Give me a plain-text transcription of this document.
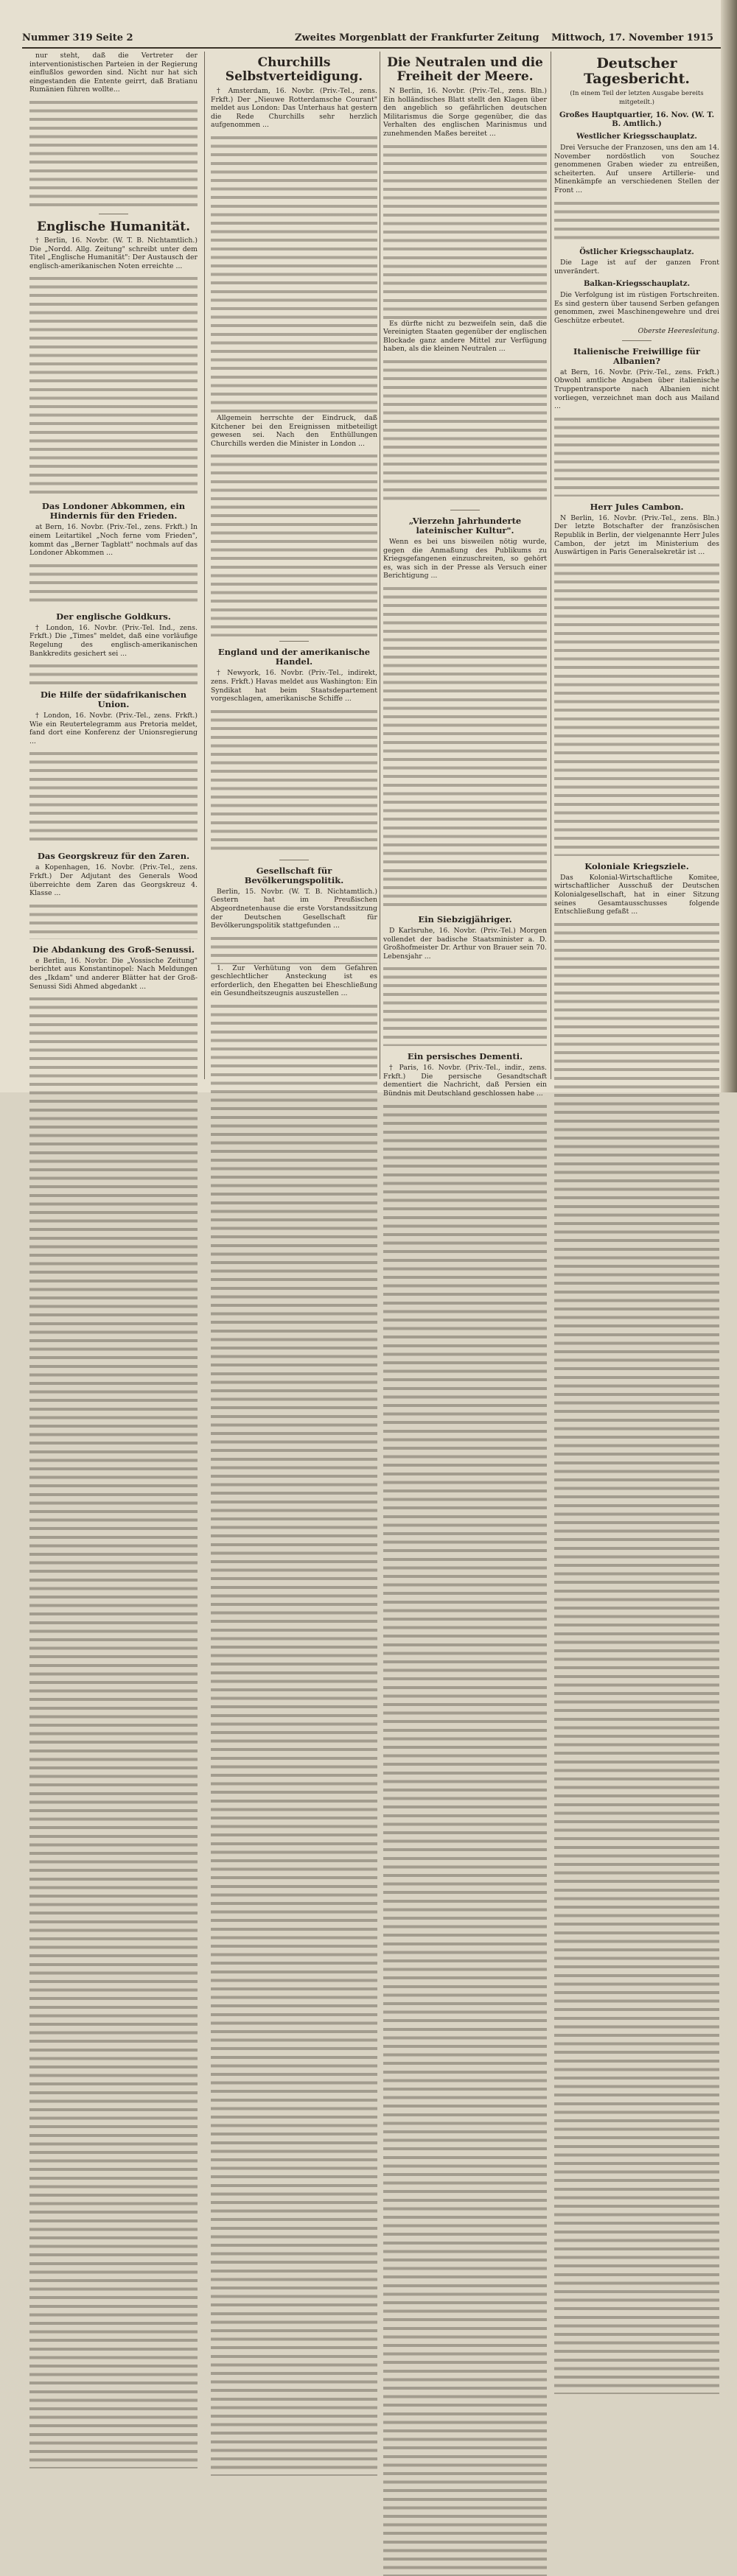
Nummer 319 Seite 2	Zweites Morgenblatt der Frankfurter Zeitung Mittwoch, 17. November 1915

nur steht, daß die Vertreter der interventionistischen Parteien in der Regierung einflußlos geworden sind. Nicht nur hat sich eingestanden die Entente geirrt, daß Bratianu Rumänien führen wollte...

Englische Humanität.

† Berlin, 16. Novbr. (W. T. B. Nichtamtlich.) Die „Nordd. Allg. Zeitung" schreibt unter dem Titel „Englische Humanität": Der Austausch der englisch-amerikanischen Noten erreichte ...

Das Londoner Abkommen, ein Hindernis für den Frieden.

at Bern, 16. Novbr. (Priv.-Tel., zens. Frkft.) In einem Leitartikel „Noch ferne vom Frieden", kommt das „Berner Tagblatt" nochmals auf das Londoner Abkommen ...

Der englische Goldkurs.

† London, 16. Novbr. (Priv.-Tel. Ind., zens. Frkft.) Die „Times" meldet, daß eine vorläufige Regelung des englisch-amerikanischen Bankkredits gesichert sei ...

Die Hilfe der südafrikanischen Union.

† London, 16. Novbr. (Priv.-Tel., zens. Frkft.) Wie ein Reutertelegramm aus Pretoria meldet, fand dort eine Konferenz der Unionsregierung ...

Das Georgskreuz für den Zaren.

a Kopenhagen, 16. Novbr. (Priv.-Tel., zens. Frkft.) Der Adjutant des Generals Wood überreichte dem Zaren das Georgskreuz 4. Klasse ...

Die Abdankung des Groß-Senussi.

e Berlin, 16. Novbr. Die „Vossische Zeitung" berichtet aus Konstantinopel: Nach Meldungen des „Ikdam" und anderer Blätter hat der Groß-Senussi Sidi Ahmed abgedankt ...

Churchills Selbstverteidigung.

† Amsterdam, 16. Novbr. (Priv.-Tel., zens. Frkft.) Der „Nieuwe Rotterdamsche Courant" meldet aus London: Das Unterhaus hat gestern die Rede Churchills sehr herzlich aufgenommen ...

Allgemein herrschte der Eindruck, daß Kitchener bei den Ereignissen mitbeteiligt gewesen sei. Nach den Enthüllungen Churchills werden die Minister in London ...

England und der amerikanische Handel.

† Newyork, 16. Novbr. (Priv.-Tel., indirekt, zens. Frkft.) Havas meldet aus Washington: Ein Syndikat hat beim Staatsdepartement vorgeschlagen, amerikanische Schiffe ...

Gesellschaft für Bevölkerungspolitik.

Berlin, 15. Novbr. (W. T. B. Nichtamtlich.) Gestern hat im Preußischen Abgeordnetenhause die erste Vorstandssitzung der Deutschen Gesellschaft für Bevölkerungspolitik stattgefunden ...

1. Zur Verhütung von dem Gefahren geschlechtlicher Ansteckung ist es erforderlich, den Ehegatten bei Eheschließung ein Gesundheitszeugnis auszustellen ...

Die Neutralen und die Freiheit der Meere.

N Berlin, 16. Novbr. (Priv.-Tel., zens. Bln.) Ein holländisches Blatt stellt den Klagen über den angeblich so gefährlichen deutschen Militarismus die Sorge gegenüber, die das Verhalten des englischen Marinismus und zunehmenden Maßes bereitet ...

Es dürfte nicht zu bezweifeln sein, daß die Vereinigten Staaten gegenüber der englischen Blockade ganz andere Mittel zur Verfügung haben, als die kleinen Neutralen ...

„Vierzehn Jahrhunderte lateinischer Kultur".

Wenn es bei uns bisweilen nötig wurde, gegen die Anmaßung des Publikums zu Kriegsgefangenen einzuschreiten, so gehört es, was sich in der Presse als Versuch einer Berichtigung ...

Ein Siebzigjähriger.

D Karlsruhe, 16. Novbr. (Priv.-Tel.) Morgen vollendet der badische Staatsminister a. D. Großhofmeister Dr. Arthur von Brauer sein 70. Lebensjahr ...

Ein persisches Dementi.

† Paris, 16. Novbr. (Priv.-Tel., indir., zens. Frkft.) Die persische Gesandtschaft dementiert die Nachricht, daß Persien ein Bündnis mit Deutschland geschlossen habe ...

Deutscher Tagesbericht.

(In einem Teil der letzten Ausgabe bereits mitgeteilt.)

Großes Hauptquartier, 16. Nov. (W. T. B. Amtlich.)

Westlicher Kriegsschauplatz.

Drei Versuche der Franzosen, uns den am 14. November nordöstlich von Souchez genommenen Graben wieder zu entreißen, scheiterten. Auf unsere Artillerie- und Minenkämpfe an verschiedenen Stellen der Front ...

Östlicher Kriegsschauplatz.

Die Lage ist auf der ganzen Front unverändert.

Balkan-Kriegsschauplatz.

Die Verfolgung ist im rüstigen Fortschreiten. Es sind gestern über tausend Serben gefangen genommen, zwei Maschinengewehre und drei Geschütze erbeutet.

Oberste Heeresleitung.

Italienische Freiwillige für Albanien?

at Bern, 16. Novbr. (Priv.-Tel., zens. Frkft.) Obwohl amtliche Angaben über italienische Truppentransporte nach Albanien nicht vorliegen, verzeichnet man doch aus Mailand ...

Herr Jules Cambon.

N Berlin, 16. Novbr. (Priv.-Tel., zens. Bln.) Der letzte Botschafter der französischen Republik in Berlin, der vielgenannte Herr Jules Cambon, der jetzt im Ministerium des Auswärtigen in Paris Generalsekretär ist ...

Koloniale Kriegsziele.

Das Kolonial-Wirtschaftliche Komitee, wirtschaftlicher Ausschuß der Deutschen Kolonialgesellschaft, hat in einer Sitzung seines Gesamtausschusses folgende Entschließung gefaßt ...
